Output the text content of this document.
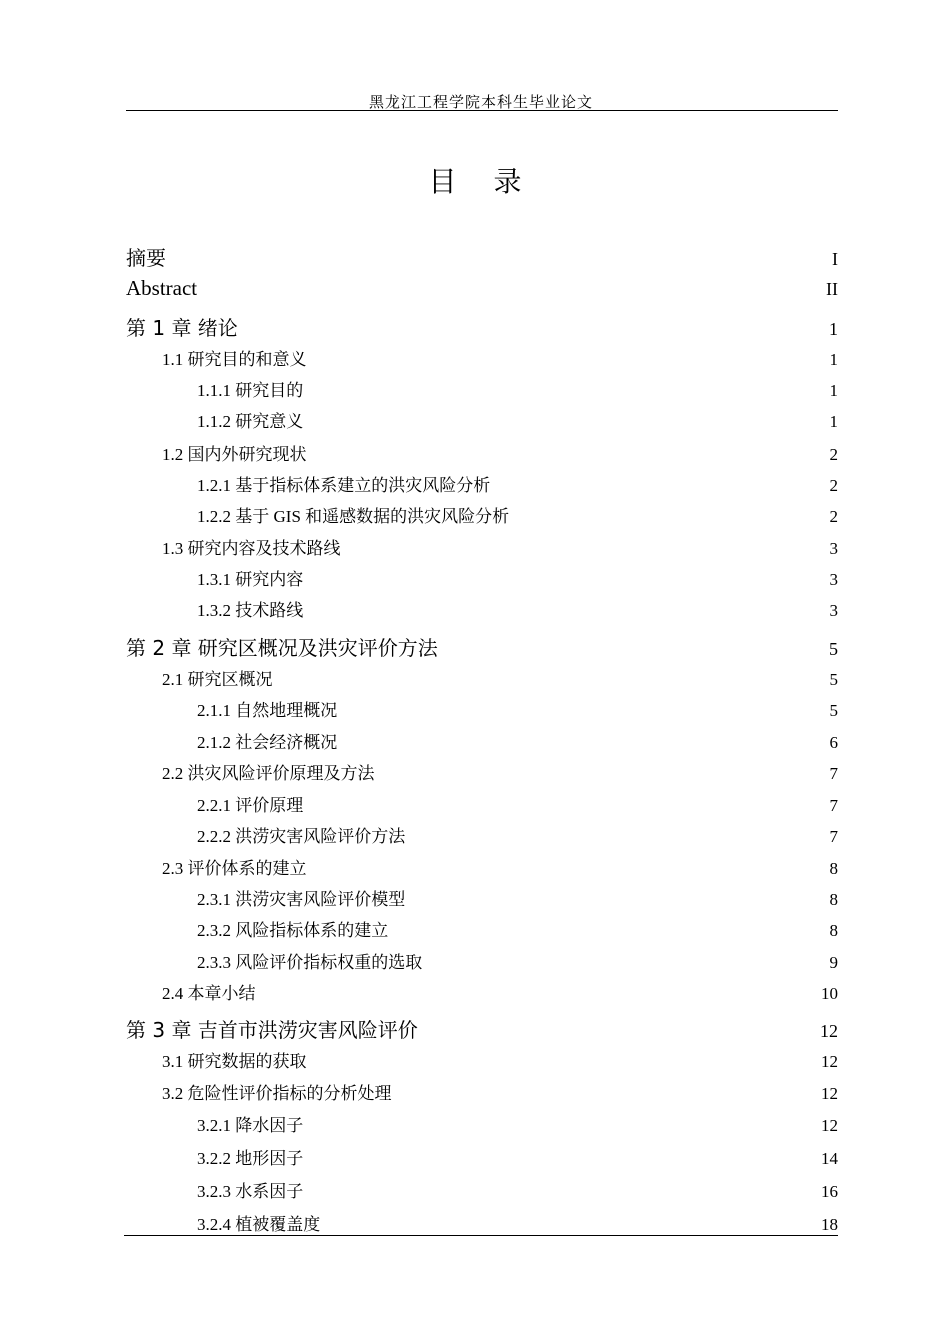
黑龙江工程学院本科生毕业论文
目 录
摘要	I
Abstract	II
第 1 章 绪论	1
1.1 研究目的和意义	1
1.1.1 研究目的	1
1.1.2 研究意义	1
1.2 国内外研究现状	2
1.2.1 基于指标体系建立的洪灾风险分析	2
1.2.2 基于 GIS 和遥感数据的洪灾风险分析	2
1.3 研究内容及技术路线	3
1.3.1 研究内容	3
1.3.2 技术路线	3
第 2 章 研究区概况及洪灾评价方法	5
2.1 研究区概况	5
2.1.1 自然地理概况	5
2.1.2 社会经济概况	6
2.2 洪灾风险评价原理及方法	7
2.2.1 评价原理	7
2.2.2 洪涝灾害风险评价方法	7
2.3 评价体系的建立	8
2.3.1 洪涝灾害风险评价模型	8
2.3.2 风险指标体系的建立	8
2.3.3 风险评价指标权重的选取	9
2.4 本章小结	10
第 3 章 吉首市洪涝灾害风险评价	12
3.1 研究数据的获取	12
3.2 危险性评价指标的分析处理	12
3.2.1 降水因子	12
3.2.2 地形因子	14
3.2.3 水系因子	16
3.2.4 植被覆盖度	18
